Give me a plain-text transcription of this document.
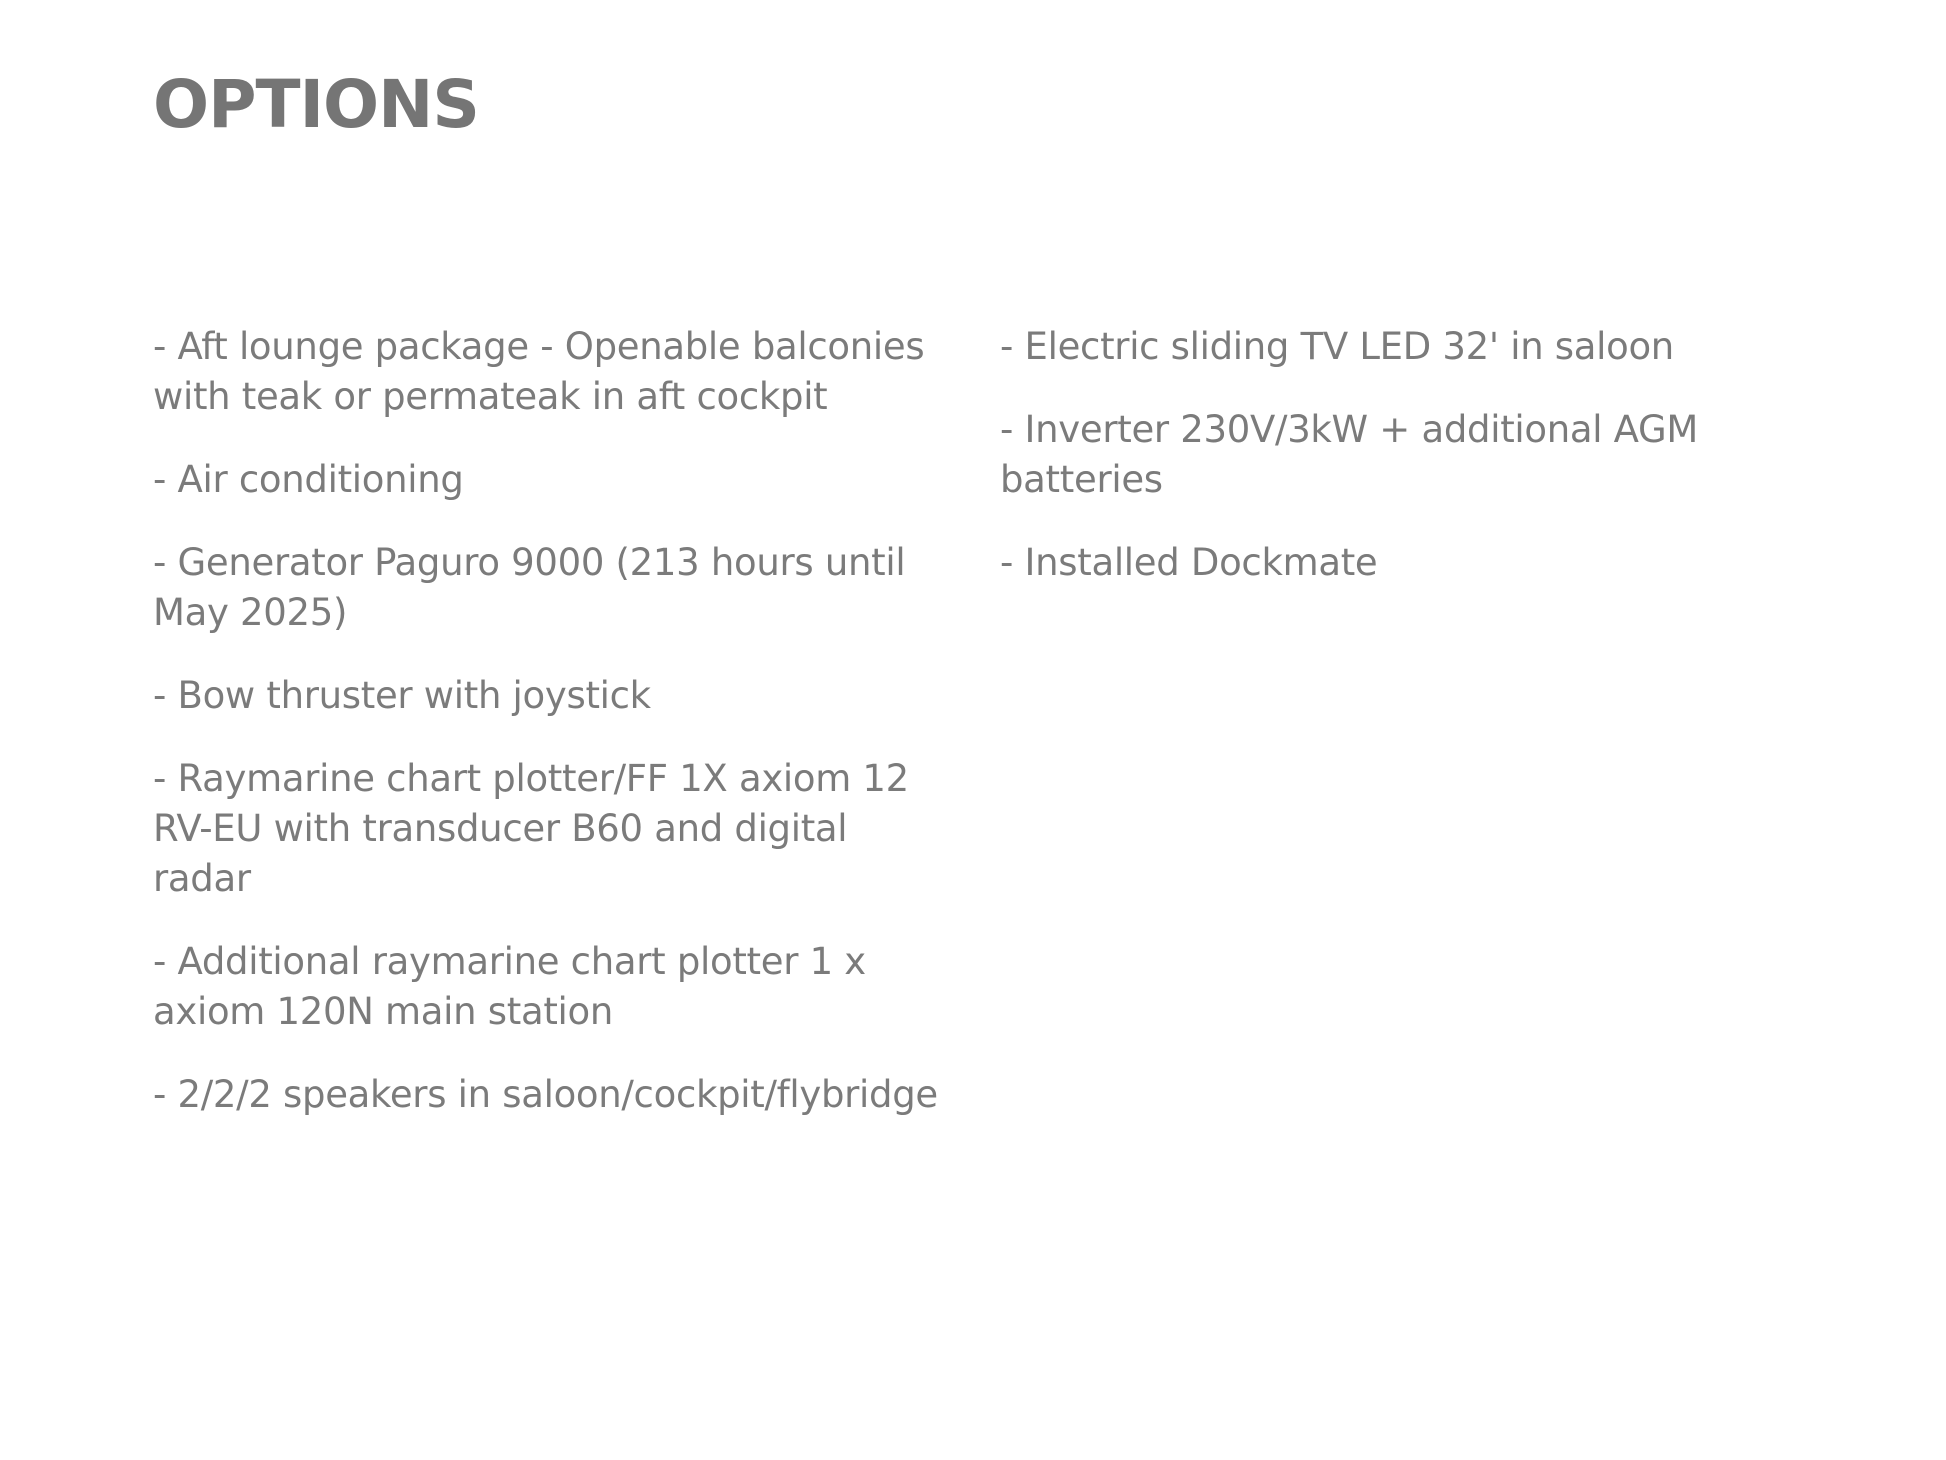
OPTIONS
- Aft lounge package - Openable balconies with teak or permateak in aft cockpit
- Air conditioning
- Generator Paguro 9000 (213 hours until May 2025)
- Bow thruster with joystick
- Raymarine chart plotter/FF 1X axiom 12 RV-EU with transducer B60 and digital radar
- Additional raymarine chart plotter 1 x axiom 120N main station
- 2/2/2 speakers in saloon/cockpit/flybridge
- Electric sliding TV LED 32' in saloon
- Inverter 230V/3kW + additional AGM batteries
- Installed Dockmate
